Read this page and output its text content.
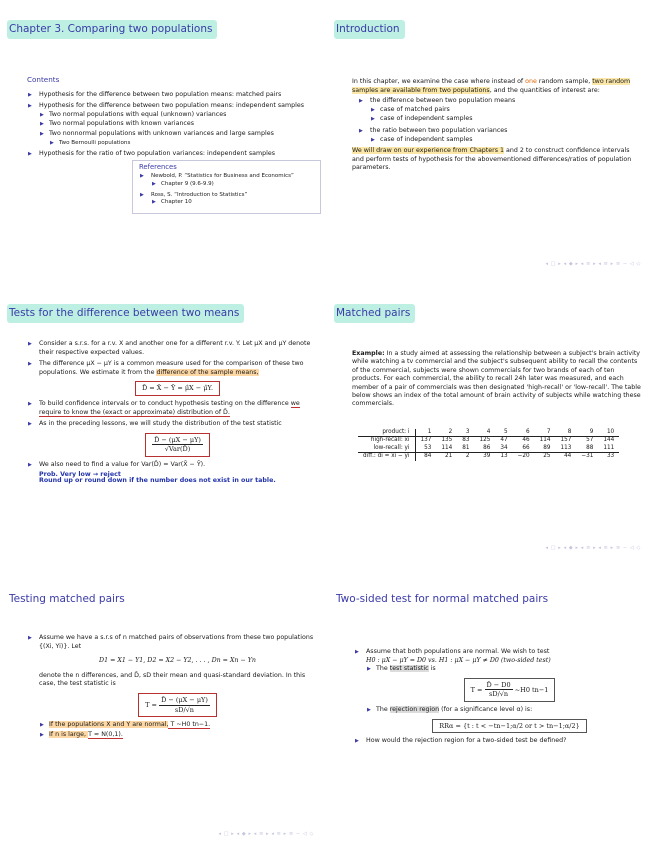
Chapter 3. Comparing two populations
Contents
▶ Hypothesis for the difference between two population means: matched pairs
▶ Hypothesis for the difference between two population means: independent samples
▶ Two normal populations with equal (unknown) variances
▶ Two normal populations with known variances
▶ Two nonnormal populations with unknown variances and large samples
▶ Two Bernoulli populations
▶ Hypothesis for the ratio of two population variances: independent samples
References
▶ Newbold, P. “Statistics for Business and Economics”
▶ Chapter 9 (9.6-9.9)
▶ Ross, S. “Introduction to Statistics”
▶ Chapter 10
Introduction
In this chapter, we examine the case where instead of one random sample, two random samples are available from two populations, and the quantities of interest are:
▶ the difference between two population means
▶ case of matched pairs
▶ case of independent samples
▶ the ratio between two population variances
▶ case of independent samples
We will draw on our experience from Chapters 1 and 2 to construct confidence intervals and perform tests of hypothesis for the abovementioned differences/ratios of population parameters.
◂ □ ▸ ◂ ◆ ▸ ◂ ≡ ▸ ◂ ≡ ▸ ≡ ∽ ◁ ◇
Tests for the difference between two means
▶ Consider a s.r.s. for a r.v. X and another one for a different r.v. Y. Let μX and μY denote their respective expected values.
▶ The difference μX − μY is a common measure used for the comparison of these two populations. We estimate it from the difference of the sample means,
D̄ = X̄ − Ȳ = μ̂X − μ̂Y.
▶ To build confidence intervals or to conduct hypothesis testing on the difference we require to know the (exact or approximate) distribution of D̄.
▶ As in the preceding lessons, we will study the distribution of the test statistic
$\frac{D̄ - (\mu X - \mu Y)}{\text{√Var(D̄)}}$
▶ We also need to find a value for Var(D̄) = Var(X̄ − Ȳ).
Prob. Very low → reject
Round up or round down if the number does not exist in our table.
Matched pairs
Example: In a study aimed at assessing the relationship between a subject's brain activity while watching a tv commercial and the subject's subsequent ability to recall the contents of the commercial, subjects were shown commercials for two brands of each of ten products. For each commercial, the ability to recall 24h later was measured, and each member of a pair of commercials was then designated 'high-recall' or 'low-recall'. The table below shows an index of the total amount of brain activity of subjects while watching these commercials.
product: i	1	2	3	4	5	6	7	8	9	10
high-recall: xi	137	135	83	125	47	46	114	157	57	144
low-recall: yi	53	114	81	86	34	66	89	113	88	111
diff.: di = xi − yi	84	21	2	39	13	−20	25	44	−31	33
◂ □ ▸ ◂ ◆ ▸ ◂ ≡ ▸ ◂ ≡ ▸ ≡ ∽ ◁ ◇
Testing matched pairs
▶ Assume we have a s.r.s of n matched pairs of observations from these two populations {(Xi, Yi)}. Let
D1 = X1 − Y1, D2 = X2 − Y2, . . . , Dn = Xn − Yn
denote the n differences, and D̄, sD their mean and quasi-standard deviation. In this case, the test statistic is
$T = \frac{D̄ - (\mu X - \mu Y)}{sD/√n}$
▶ If the populations X and Y are normal, T ~H0 tn−1.
▶ If n is large, T ≈ N(0,1).
◂ □ ▸ ◂ ◆ ▸ ◂ ≡ ▸ ◂ ≡ ▸ ≡ ∽ ◁ ◇
Two-sided test for normal matched pairs
▶ Assume that both populations are normal. We wish to test
H0 : μX − μY = D0 vs. H1 : μX − μY ≠ D0 (two-sided test)
▶ The test statistic is
$T = \frac{D̄ - D0}{sD/√n}$ ~H0 tn−1
▶ The rejection region (for a significance level α) is:
RRα = {t : t < −tn−1;α/2 or t > tn−1;α/2}
▶ How would the rejection region for a two-sided test be defined?
